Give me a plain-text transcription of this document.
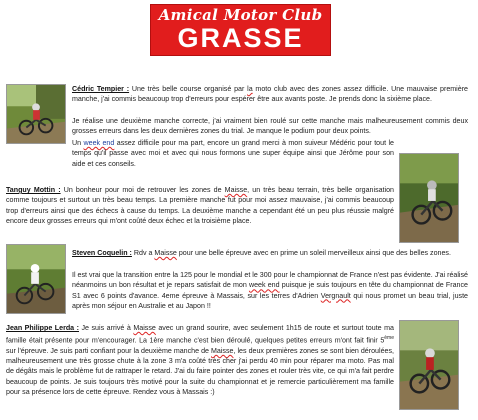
Amical Motor Club
GRASSE

Cédric Tempier : Une très belle course organisé par la moto club avec des zones assez difficile. Une mauvaise première manche, j'ai commis beaucoup trop d'erreurs pour espérer être aux avants poste. Je prends donc la sixième place.

Je réalise une deuxième manche correcte, j'ai vraiment bien roulé sur cette manche mais malheureusement commis deux grosses erreurs dans les deux dernières zones du trial. Je manque le podium pour deux points.

Un week end assez difficile pour ma part, encore un grand merci à mon suiveur Médéric pour tout le temps qu'il passe avec moi et avec qui nous formons une super équipe ainsi que Jérôme pour son aide et ces conseils.

Tanguy Mottin : Un bonheur pour moi de retrouver les zones de Maisse, un très beau terrain, très belle organisation comme toujours et surtout un très beau temps. La première manche fut pour moi assez mauvaise, j'ai commis beaucoup trop d'erreurs ainsi que des échecs à cause du temps. La deuxième manche a cependant été un peu plus réussie malgré encore deux grosses erreurs qui m'ont coûté deux échec et la troisième place.

Steven Coquelin : Rdv a Maisse pour une belle épreuve avec en prime un soleil merveilleux ainsi que des belles zones.

Il est vrai que la transition entre la 125 pour le mondial et le 300 pour le championnat de France n'est pas évidente. J'ai réalisé néanmoins un bon résultat et je repars satisfait de mon week end puisque je suis toujours en tête du championnat de France S1 avec 6 points d'avance. 4eme épreuve à Massais, sur les terres d'Adrien Vergnault qui nous promet un beau trial, juste après mon séjour en Australie et au Japon !!

Jean Philippe Lerda : Je suis arrivé à Maisse avec un grand sourire, avec seulement 1h15 de route et surtout toute ma famille était présente pour m'encourager. La 1ère manche c'est bien déroulé, quelques petites erreurs m'ont fait finir 5ème sur l'épreuve. Je suis parti confiant pour la deuxième manche de Maisse, les deux premières zones se sont bien déroulées, malheureusement une très grosse chute à la zone 3 m'a coûté très cher j'ai perdu 40 min pour réparer ma moto. Pas mal de dégâts mais le problème fut de rattraper le retard. J'ai du faire pointer des zones et rouler très vite, ce qui m'a fait perdre beaucoup de points. Je suis toujours très motivé pour la suite du championnat et je remercie particulièrement ma famille pour sa présence lors de cette épreuve. Rendez vous à Massais :)
